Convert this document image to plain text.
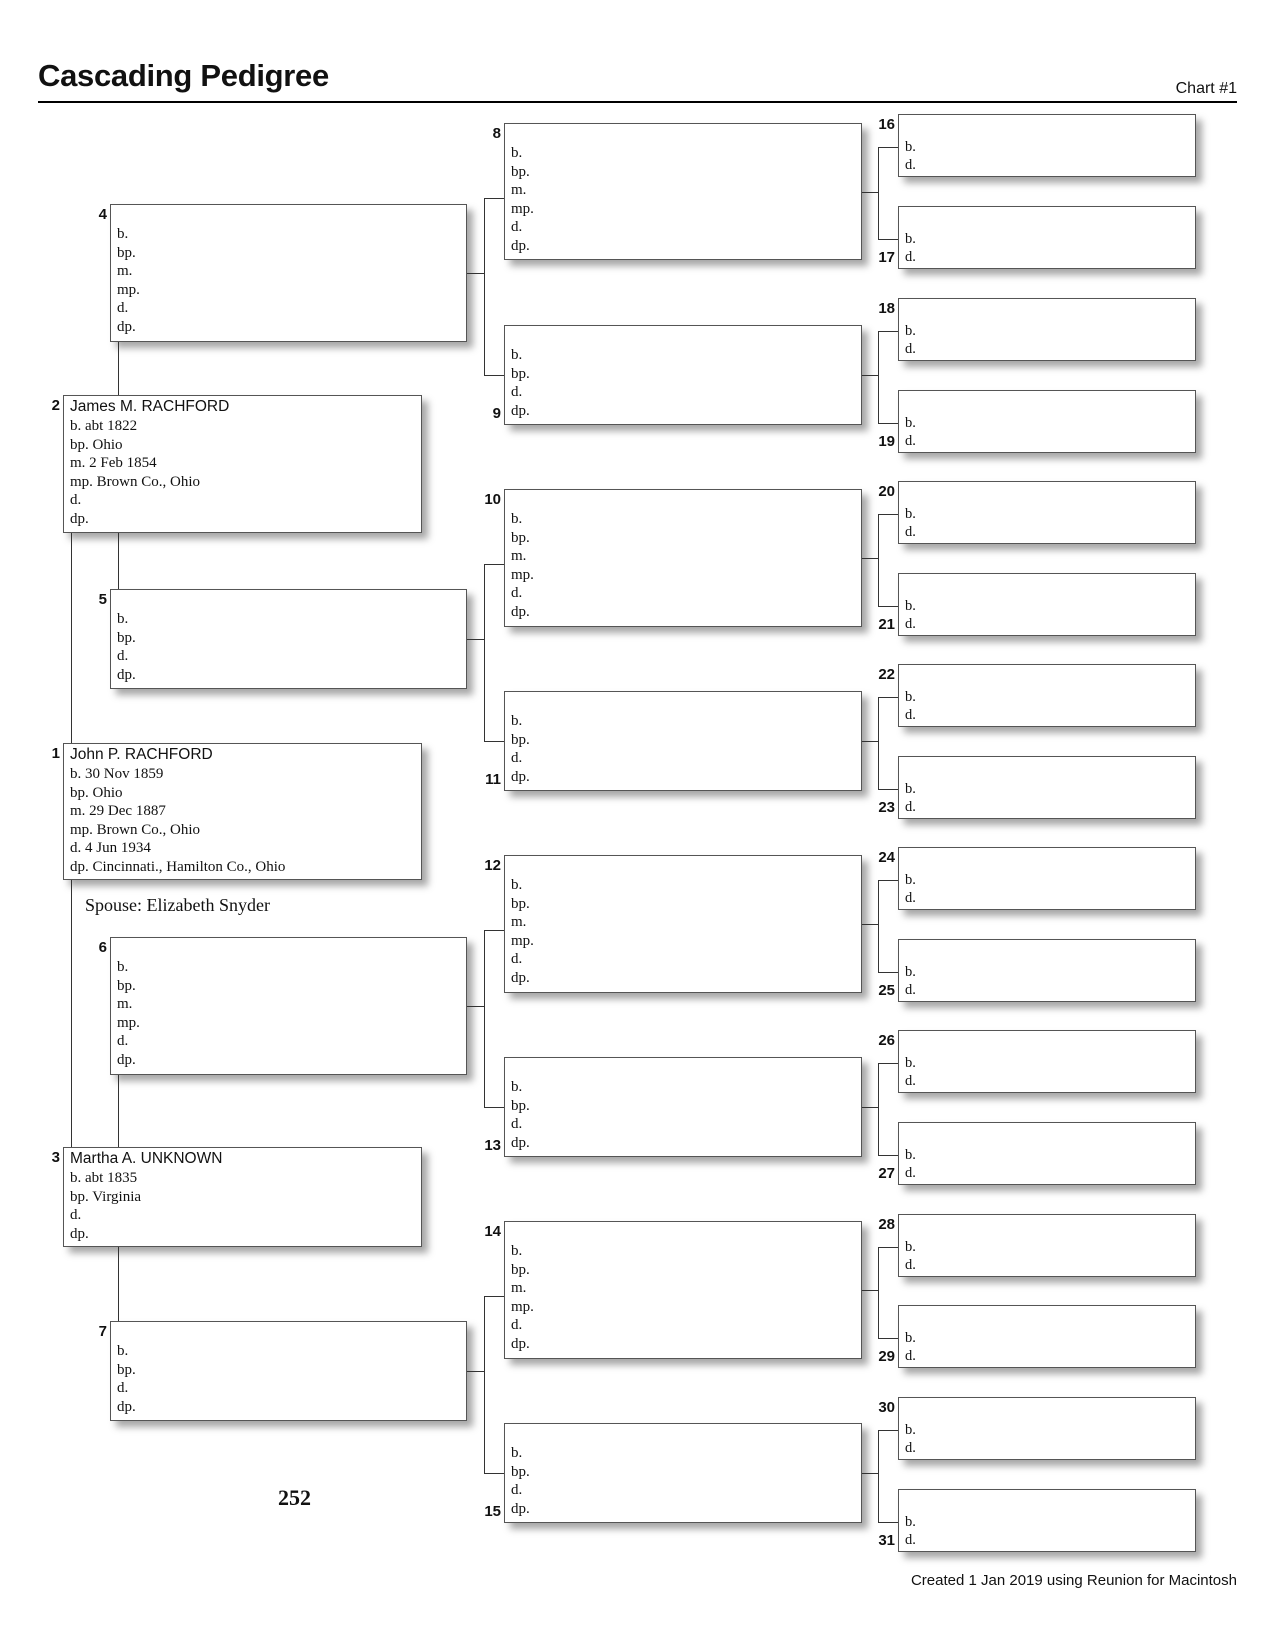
Cascading Pedigree	Chart #1
John P. RACHFORD
b. 30 Nov 1859
bp. Ohio
m. 29 Dec 1887
mp. Brown Co., Ohio
d. 4 Jun 1934
dp. Cincinnati., Hamilton Co., Ohio
1
James M. RACHFORD
b. abt 1822
bp. Ohio
m. 2 Feb 1854
mp. Brown Co., Ohio
d.
dp.
2
Martha A. UNKNOWN
b. abt 1835
bp. Virginia
d.
dp.
3
b.
bp.
m.
mp.
d.
dp.
4
b.
bp.
d.
dp.
5
b.
bp.
m.
mp.
d.
dp.
6
b.
bp.
d.
dp.
7
b.
bp.
m.
mp.
d.
dp.
8
b.
bp.
d.
dp.
9
b.
bp.
m.
mp.
d.
dp.
10
b.
bp.
d.
dp.
11
b.
bp.
m.
mp.
d.
dp.
12
b.
bp.
d.
dp.
13
b.
bp.
m.
mp.
d.
dp.
14
b.
bp.
d.
dp.
15
b.
d.
16
b.
d.
17
b.
d.
18
b.
d.
19
b.
d.
20
b.
d.
21
b.
d.
22
b.
d.
23
b.
d.
24
b.
d.
25
b.
d.
26
b.
d.
27
b.
d.
28
b.
d.
29
b.
d.
30
b.
d.
31
Spouse: Elizabeth Snyder
252
Created 1 Jan 2019 using Reunion for Macintosh
